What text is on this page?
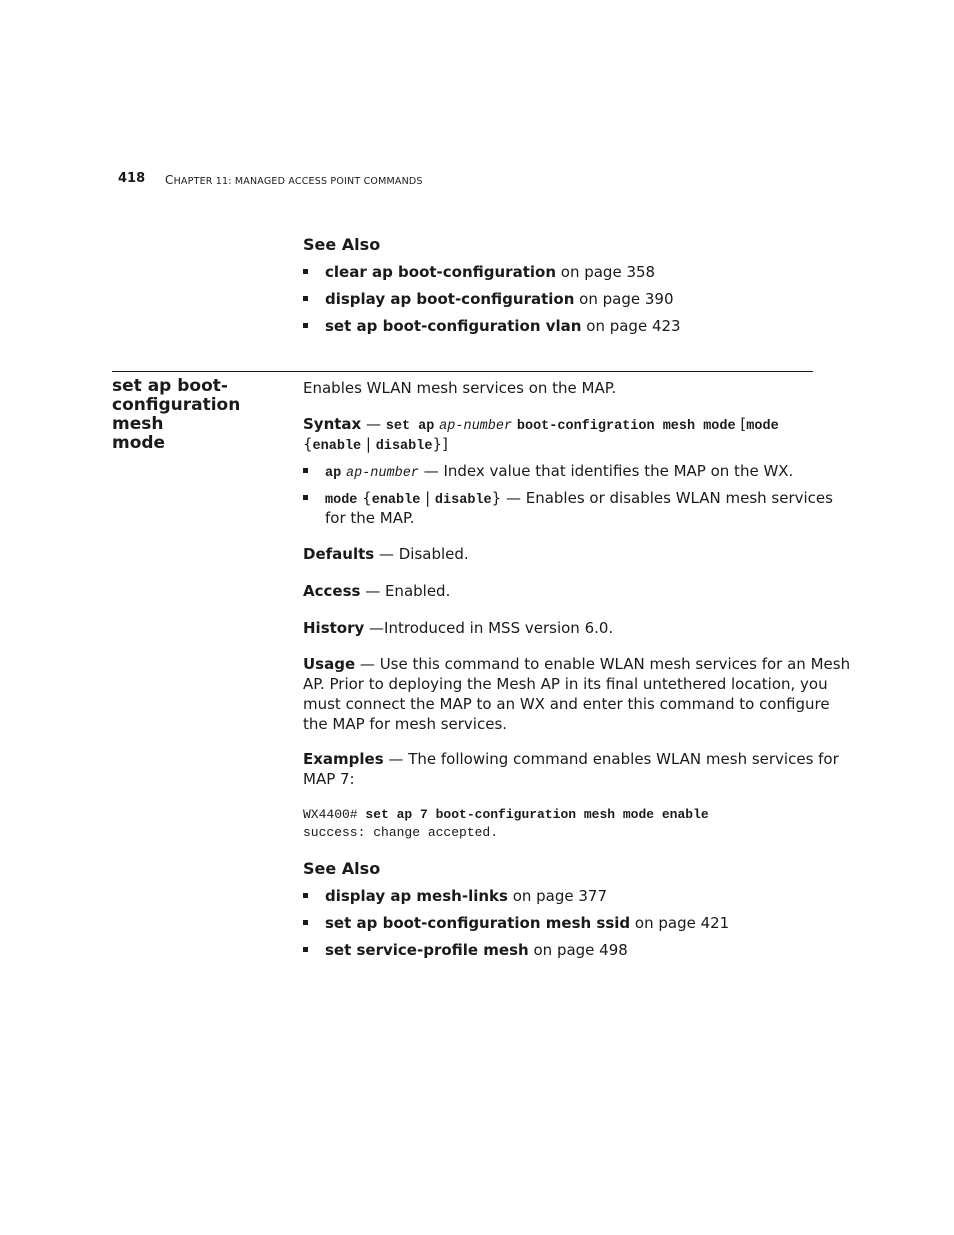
418 CHAPTER 11: MANAGED ACCESS POINT COMMANDS
See Also
clear ap boot-configuration on page 358
display ap boot-configuration on page 390
set ap boot-configuration vlan on page 423
set ap boot-
configuration mesh
mode
Enables WLAN mesh services on the MAP.
Syntax — set ap ap-number boot-configration mesh mode [mode
{enable | disable}]
ap ap-number — Index value that identifies the MAP on the WX.
mode {enable | disable} — Enables or disables WLAN mesh services
for the MAP.
Defaults — Disabled.
Access — Enabled.
History —Introduced in MSS version 6.0.
Usage — Use this command to enable WLAN mesh services for an Mesh
AP. Prior to deploying the Mesh AP in its final untethered location, you
must connect the MAP to an WX and enter this command to configure
the MAP for mesh services.
Examples — The following command enables WLAN mesh services for
MAP 7:
WX4400# set ap 7 boot-configuration mesh mode enable
success: change accepted.
See Also
display ap mesh-links on page 377
set ap boot-configuration mesh ssid on page 421
set service-profile mesh on page 498
